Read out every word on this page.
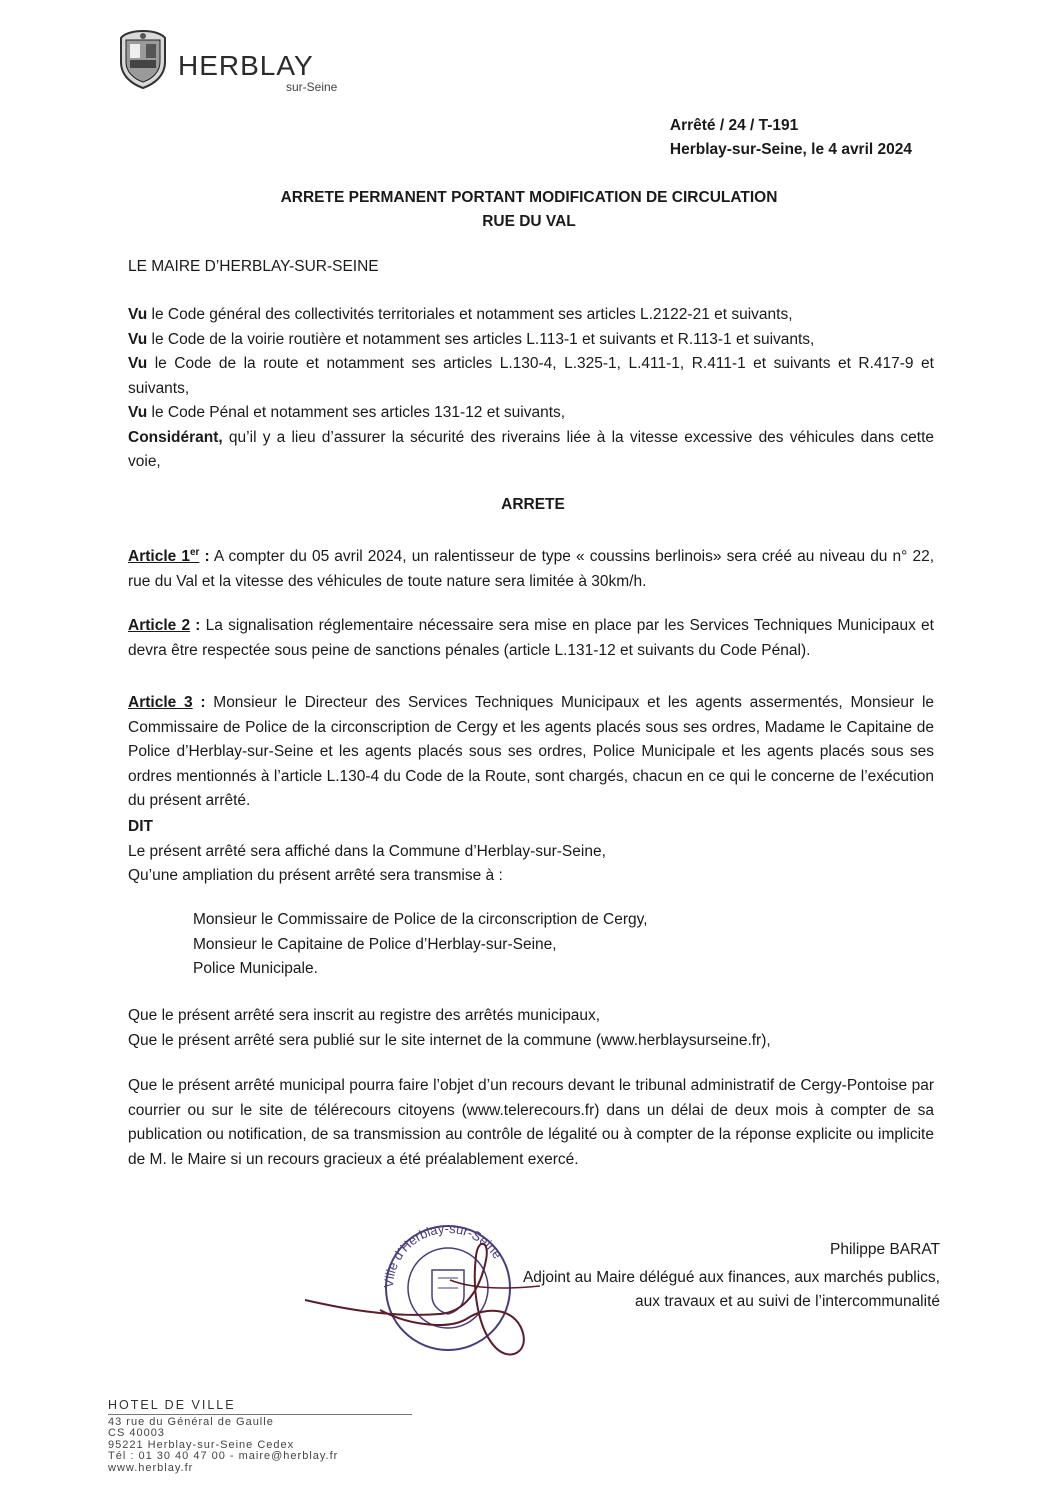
HERBLAY
sur-Seine
Arrêté / 24 / T-191
Herblay-sur-Seine, le 4 avril 2024
ARRETE PERMANENT PORTANT MODIFICATION DE CIRCULATION
RUE DU VAL
LE MAIRE D’HERBLAY-SUR-SEINE

Vu le Code général des collectivités territoriales et notamment ses articles L.2122-21 et suivants,

Vu le Code de la voirie routière et notamment ses articles L.113-1 et suivants et R.113-1 et suivants,

Vu le Code de la route et notamment ses articles L.130-4, L.325-1, L.411-1, R.411-1 et suivants et R.417-9 et suivants,

Vu le Code Pénal et notamment ses articles 131-12 et suivants,

Considérant, qu’il y a lieu d’assurer la sécurité des riverains liée à la vitesse excessive des véhicules dans cette voie,

ARRETE

Article 1er : A compter du 05 avril 2024, un ralentisseur de type « coussins berlinois» sera créé au niveau du n° 22, rue du Val et la vitesse des véhicules de toute nature sera limitée à 30km/h.

Article 2 : La signalisation réglementaire nécessaire sera mise en place par les Services Techniques Municipaux et devra être respectée sous peine de sanctions pénales (article L.131-12 et suivants du Code Pénal).

Article 3 : Monsieur le Directeur des Services Techniques Municipaux et les agents assermentés, Monsieur le Commissaire de Police de la circonscription de Cergy et les agents placés sous ses ordres, Madame le Capitaine de Police d’Herblay-sur-Seine et les agents placés sous ses ordres, Police Municipale et les agents placés sous ses ordres mentionnés à l’article L.130-4 du Code de la Route, sont chargés, chacun en ce qui le concerne de l’exécution du présent arrêté.

DIT

Le présent arrêté sera affiché dans la Commune d’Herblay-sur-Seine,

Qu’une ampliation du présent arrêté sera transmise à :

Monsieur le Commissaire de Police de la circonscription de Cergy,

Monsieur le Capitaine de Police d’Herblay-sur-Seine,

Police Municipale.

Que le présent arrêté sera inscrit au registre des arrêtés municipaux,

Que le présent arrêté sera publié sur le site internet de la commune (www.herblaysurseine.fr),

Que le présent arrêté municipal pourra faire l’objet d’un recours devant le tribunal administratif de Cergy-Pontoise par courrier ou sur le site de télérecours citoyens (www.telerecours.fr) dans un délai de deux mois à compter de sa publication ou notification, de sa transmission au contrôle de légalité ou à compter de la réponse explicite ou implicite de M. le Maire si un recours gracieux a été préalablement exercé.
Ville d’Herblay-sur-Seine	Philippe BARAT
Adjoint au Maire délégué aux finances, aux marchés publics,
aux travaux et au suivi de l’intercommunalité
HOTEL DE VILLE
43 rue du Général de Gaulle
CS 40003
95221 Herblay-sur-Seine Cedex
Tél : 01 30 40 47 00 - maire@herblay.fr
www.herblay.fr
